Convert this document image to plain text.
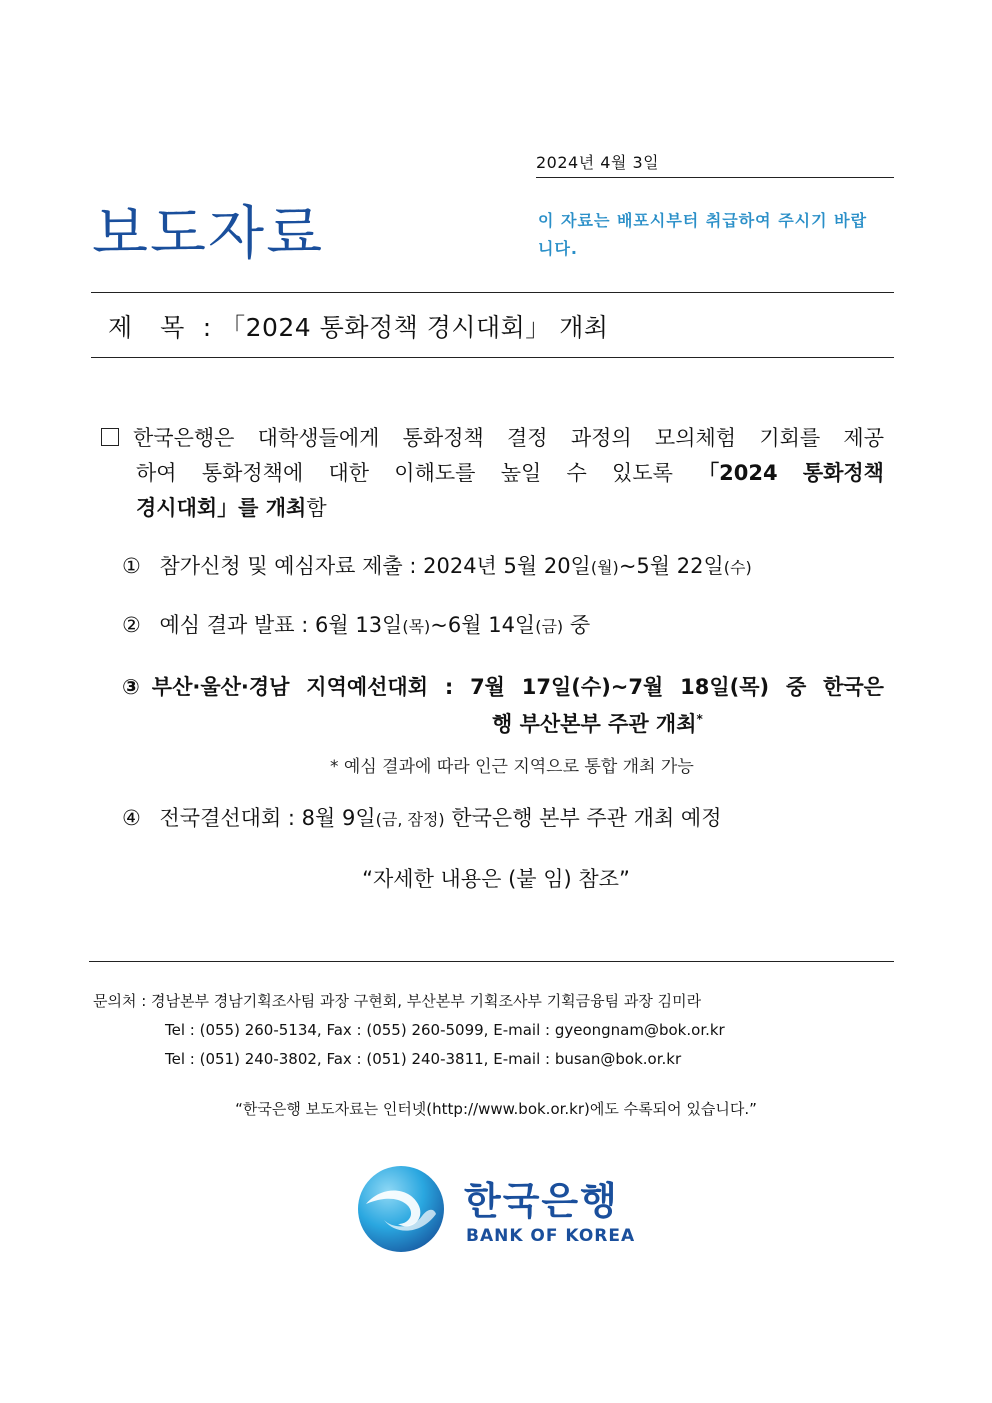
2024년 4월 3일
보도자료	이 자료는 배포시부터 취급하여 주시기 바랍니다.
제 목 : 「2024 통화정책 경시대회」 개최
한국은행은 대학생들에게 통화정책 결정 과정의 모의체험 기회를 제공
하여 통화정책에 대한 이해도를 높일 수 있도록 「2024 통화정책
경시대회」를 개최함
① 참가신청 및 예심자료 제출 : 2024년 5월 20일(월)~5월 22일(수)
② 예심 결과 발표 : 6월 13일(목)~6월 14일(금) 중
③ 부산·울산·경남 지역예선대회 : 7월 17일(수)~7월 18일(목) 중 한국은
행 부산본부 주관 개최*
* 예심 결과에 따라 인근 지역으로 통합 개최 가능
④ 전국결선대회 : 8월 9일(금, 잠정) 한국은행 본부 주관 개최 예정
“자세한 내용은 (붙 임) 참조”
문의처 : 경남본부 경남기획조사팀 과장 구현회, 부산본부 기획조사부 기획금융팀 과장 김미라
Tel : (055) 260-5134, Fax : (055) 260-5099, E-mail : gyeongnam@bok.or.kr
Tel : (051) 240-3802, Fax : (051) 240-3811, E-mail : busan@bok.or.kr
“한국은행 보도자료는 인터넷(http://www.bok.or.kr)에도 수록되어 있습니다.”
한국은행
BANK OF KOREA
